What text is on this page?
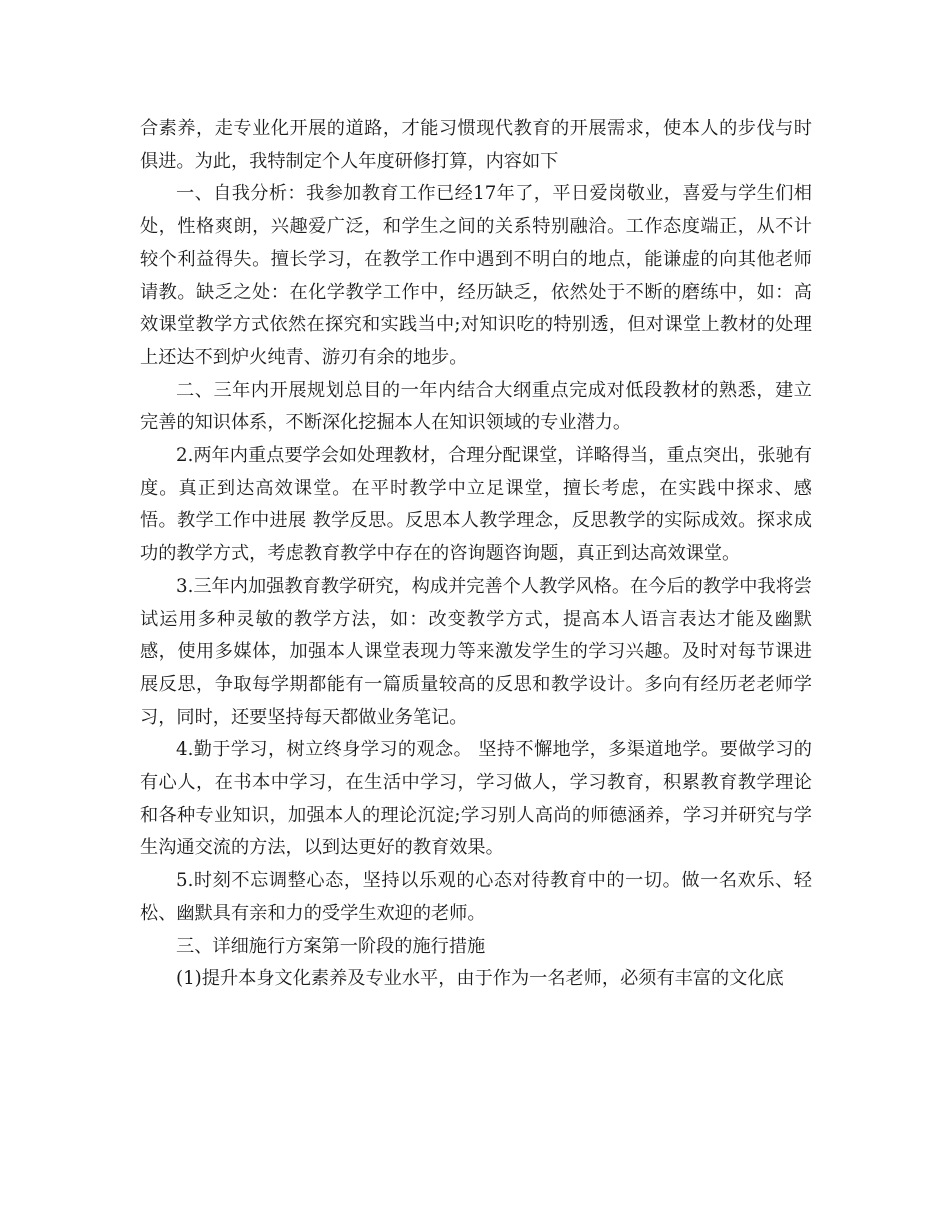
合素养，走专业化开展的道路，才能习惯现代教育的开展需求，使本人的步伐与时俱进。为此，我特制定个人年度研修打算，内容如下

一、自我分析：我参加教育工作已经17年了，平日爱岗敬业，喜爱与学生们相处，性格爽朗，兴趣爱广泛，和学生之间的关系特别融洽。工作态度端正，从不计较个利益得失。擅长学习，在教学工作中遇到不明白的地点，能谦虚的向其他老师请教。缺乏之处：在化学教学工作中，经历缺乏，依然处于不断的磨练中，如：高效课堂教学方式依然在探究和实践当中;对知识吃的特别透，但对课堂上教材的处理上还达不到炉火纯青、游刃有余的地步。

二、三年内开展规划总目的一年内结合大纲重点完成对低段教材的熟悉，建立完善的知识体系，不断深化挖掘本人在知识领域的专业潜力。

2.两年内重点要学会如处理教材，合理分配课堂，详略得当，重点突出，张驰有度。真正到达高效课堂。在平时教学中立足课堂，擅长考虑，在实践中探求、感悟。教学工作中进展 教学反思。反思本人教学理念，反思教学的实际成效。探求成功的教学方式，考虑教育教学中存在的咨询题咨询题，真正到达高效课堂。

3.三年内加强教育教学研究，构成并完善个人教学风格。在今后的教学中我将尝试运用多种灵敏的教学方法，如：改变教学方式，提高本人语言表达才能及幽默感，使用多媒体，加强本人课堂表现力等来激发学生的学习兴趣。及时对每节课进展反思，争取每学期都能有一篇质量较高的反思和教学设计。多向有经历老老师学习，同时，还要坚持每天都做业务笔记。

4.勤于学习，树立终身学习的观念。 坚持不懈地学，多渠道地学。要做学习的有心人，在书本中学习，在生活中学习，学习做人，学习教育，积累教育教学理论和各种专业知识，加强本人的理论沉淀;学习别人高尚的师德涵养，学习并研究与学生沟通交流的方法，以到达更好的教育效果。

5.时刻不忘调整心态，坚持以乐观的心态对待教育中的一切。做一名欢乐、轻松、幽默具有亲和力的受学生欢迎的老师。

三、详细施行方案第一阶段的施行措施

(1)提升本身文化素养及专业水平，由于作为一名老师，必须有丰富的文化底
